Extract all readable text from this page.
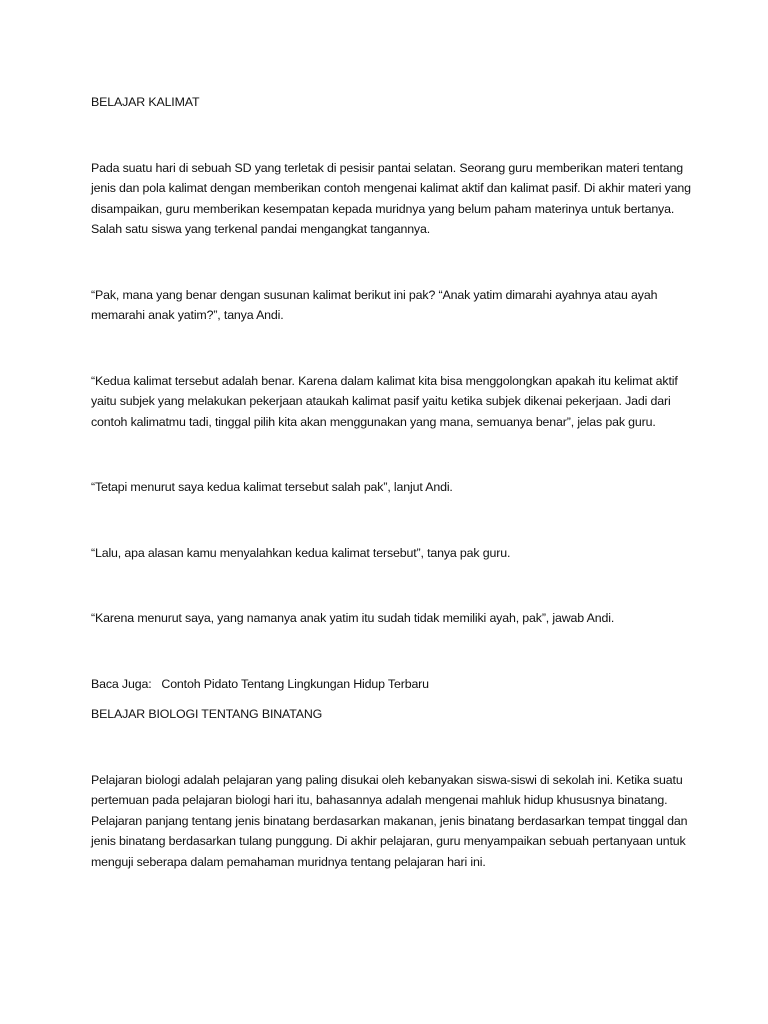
BELAJAR KALIMAT

Pada suatu hari di sebuah SD yang terletak di pesisir pantai selatan. Seorang guru memberikan materi tentang jenis dan pola kalimat dengan memberikan contoh mengenai kalimat aktif dan kalimat pasif. Di akhir materi yang disampaikan, guru memberikan kesempatan kepada muridnya yang belum paham materinya untuk bertanya. Salah satu siswa yang terkenal pandai mengangkat tangannya.

“Pak, mana yang benar dengan susunan kalimat berikut ini pak? “Anak yatim dimarahi ayahnya atau ayah memarahi anak yatim?”, tanya Andi.

“Kedua kalimat tersebut adalah benar. Karena dalam kalimat kita bisa menggolongkan apakah itu kelimat aktif yaitu subjek yang melakukan pekerjaan ataukah kalimat pasif yaitu ketika subjek dikenai pekerjaan. Jadi dari contoh kalimatmu tadi, tinggal pilih kita akan menggunakan yang mana, semuanya benar”, jelas pak guru.

“Tetapi menurut saya kedua kalimat tersebut salah pak”, lanjut Andi.

“Lalu, apa alasan kamu menyalahkan kedua kalimat tersebut”, tanya pak guru.

“Karena menurut saya, yang namanya anak yatim itu sudah tidak memiliki ayah, pak”, jawab Andi.

Baca Juga: Contoh Pidato Tentang Lingkungan Hidup Terbaru

BELAJAR BIOLOGI TENTANG BINATANG

Pelajaran biologi adalah pelajaran yang paling disukai oleh kebanyakan siswa-siswi di sekolah ini. Ketika suatu pertemuan pada pelajaran biologi hari itu, bahasannya adalah mengenai mahluk hidup khususnya binatang. Pelajaran panjang tentang jenis binatang berdasarkan makanan, jenis binatang berdasarkan tempat tinggal dan jenis binatang berdasarkan tulang punggung. Di akhir pelajaran, guru menyampaikan sebuah pertanyaan untuk menguji seberapa dalam pemahaman muridnya tentang pelajaran hari ini.
